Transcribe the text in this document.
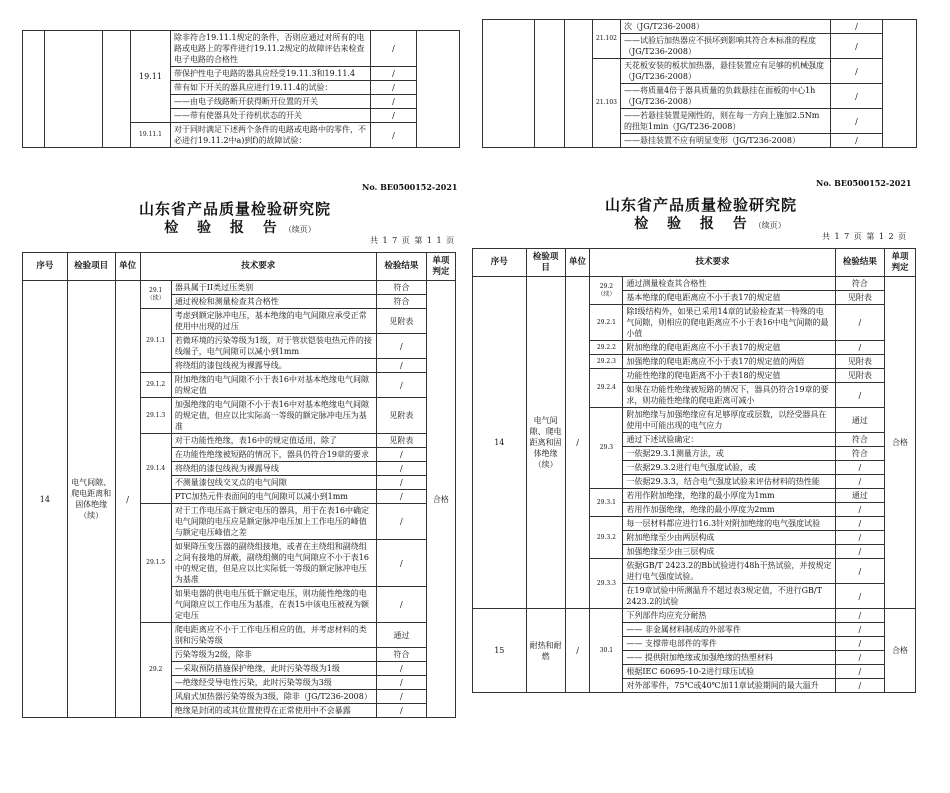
			19.11	除非符合19.11.1规定的条件，否则应通过对所有的电路或电路上的零件进行19.11.2规定的故障评估来检查电子电路的合格性	/	
				带保护性电子电路的器具应经受19.11.3和19.11.4	/	
				带有如下开关的器具应进行19.11.4的试验：	/	
				——由电子线路断开获得断开位置的开关	/	
				——带有使器具处于待机状态的开关	/	
			19.11.1	对于同时满足下述两个条件的电路或电路中的零件，不必进行19.11.2中a)到f)的故障试验：	/	
			21.102	次（JG/T236-2008）	/	
				——试验后加热器应不损坏到影响其符合本标准的程度（JG/T236-2008）	/	
			21.103	天花板安装的板状加热器，悬挂装置应有足够的机械强度（JG/T236-2008）	/	
				——将质量4倍于器具质量的负载悬挂在面板的中心1h（JG/T236-2008）	/	
				——若悬挂装置是刚性的，则在每一方向上施加2.5Nm的扭矩1min（JG/T236-2008）	/	
				——悬挂装置不应有明显变形（JG/T236-2008）	/	
No. BE0500152-2021
山东省产品质量检验研究院
检 验 报 告（续页）
共 1 7 页 第 1 1 页
序号	检验项目	单位	技术要求		检验结果	单项判定
14	电气间隙、爬电距离和固体绝缘（续）	/	29.1（续）	器具属于II类过压类别	符合	合格
				通过视检和测量检查其合格性	符合	
			29.1.1	考虑到额定脉冲电压，基本绝缘的电气间隙应承受正常使用中出现的过压	见附表	
				若微环境的污染等级为1级，对于管状铠装电热元件的接线端子，电气间隙可以减小到1mm	/	
				将绕组的漆包线视为裸露导线。	/	
			29.1.2	附加绝缘的电气间隙不小于表16中对基本绝缘电气间隙的规定值	/	
			29.1.3	加强绝缘的电气间隙不小于表16中对基本绝缘电气间隙的规定值，但应以比实际高一等级的额定脉冲电压为基准	见附表	
			29.1.4	对于功能性绝缘，表16中的规定值适用，除了	见附表	
				在功能性绝缘被短路的情况下，器具仍符合19章的要求	/	
				将绕组的漆包线视为裸露导线	/	
				不测量漆包线交叉点的电气间隙	/	
				PTC加热元件表面间的电气间隙可以减小到1mm	/	
			29.1.5	对于工作电压高于额定电压的器具，用于在表16中确定电气间隙的电压应是额定脉冲电压加上工作电压的峰值与额定电压峰值之差	/	
				如果降压变压器的副绕组接地，或者在主绕组和副绕组之间有接地的屏蔽，副绕组侧的电气间隙应不小于表16中的规定值，但是应以比实际低一等级的额定脉冲电压为基准	/	
				如果电器的供电电压低于额定电压，则功能性绝缘的电气间隙应以工作电压为基准，在表15中该电压被视为额定电压	/	
			29.2	爬电距离应不小于工作电压相应的值，并考虑材料的类别和污染等级	通过	
				污染等级为2级，除非	符合	
				—采取预防措施保护绝缘，此时污染等级为1级	/	
				—绝缘经受导电性污染，此时污染等级为3级	/	
				风扇式加热器污染等级为3级，除非（JG/T236-2008）	/	
				绝缘是封闭的或其位置使得在正常使用中不会暴露	/	
No. BE0500152-2021
山东省产品质量检验研究院
检 验 报 告（续页）
共 1 7 页 第 1 2 页
序号	检验项目	单位	技术要求		检验结果	单项判定
14	电气间隙、爬电距离和固体绝缘（续）	/	29.2（续）	通过测量检查其合格性	符合	合格
				基本绝缘的爬电距离应不小于表17的规定值	见附表	
			29.2.1	除I级结构外，如果已采用14章的试验检查某一特殊的电气间隙，则相应的爬电距离应不小于表16中电气间隙的最小值	/	
			29.2.2	附加绝缘的爬电距离应不小于表17的规定值	/	
			29.2.3	加强绝缘的爬电距离应不小于表17的规定值的两倍	见附表	
			29.2.4	功能性绝缘的爬电距离不小于表18的规定值	见附表	
				如果在功能性绝缘被短路的情况下，器具仍符合19章的要求，则功能性绝缘的爬电距离可减小	/	
			29.3	附加绝缘与加强绝缘应有足够厚度或层数，以经受器具在使用中可能出现的电气应力	通过	
				通过下述试验确定：	符合	
				一依据29.3.1测量方法，或	符合	
				一依据29.3.2进行电气强度试验，或	/	
				一依据29.3.3，结合电气强度试验来评估材料的热性能	/	
			29.3.1	若用作附加绝缘，绝缘的最小厚度为1mm	通过	
				若用作加强绝缘，绝缘的最小厚度为2mm	/	
			29.3.2	每一层材料都应进行16.3针对附加绝缘的电气强度试验	/	
				附加绝缘至少由两层构成	/	
				加强绝缘至少由三层构成	/	
			29.3.3	依据GB/T 2423.2的Bb试验进行48h干热试验，并按规定进行电气强度试验。	/	
				在19章试验中所测温升不超过表3规定值，不进行GB/T 2423.2的试验	/	
15	耐热和耐燃	/	30.1	下列部件均应充分耐热	/	合格
				—— 非金属材料制成的外部零件	/	
				—— 支撑带电部件的零件	/	
				—— 提供附加绝缘或加强绝缘的热塑材料	/	
				根据IEC 60695-10-2进行球压试验	/	
				对外部零件，75℃或40℃加11章试验期间的最大温升	/	
